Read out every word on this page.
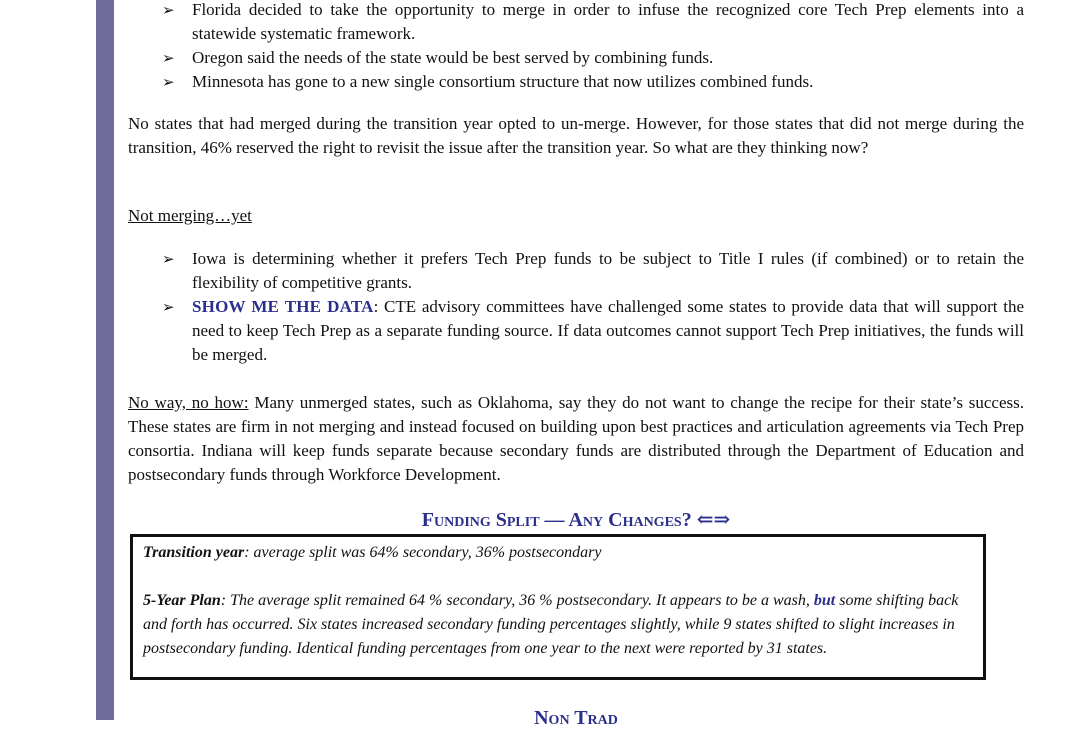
➢ Florida decided to take the opportunity to merge in order to infuse the recognized core Tech Prep elements into a statewide systematic framework.
➢ Oregon said the needs of the state would be best served by combining funds.
➢ Minnesota has gone to a new single consortium structure that now utilizes combined funds.

No states that had merged during the transition year opted to un-merge. However, for those states that did not merge during the transition, 46% reserved the right to revisit the issue after the transition year. So what are they thinking now?

Not merging…yet

➢ Iowa is determining whether it prefers Tech Prep funds to be subject to Title I rules (if combined) or to retain the flexibility of competitive grants.
➢ SHOW ME THE DATA: CTE advisory committees have challenged some states to provide data that will support the need to keep Tech Prep as a separate funding source. If data outcomes cannot support Tech Prep initiatives, the funds will be merged.

No way, no how: Many unmerged states, such as Oklahoma, say they do not want to change the recipe for their state’s success. These states are firm in not merging and instead focused on building upon best practices and articulation agreements via Tech Prep consortia. Indiana will keep funds separate because secondary funds are distributed through the Department of Education and postsecondary funds through Workforce Development.

Funding Split — Any Changes? ⇐⇒
Non Trad

Transition year: average split was 64% secondary, 36% postsecondary

5-Year Plan: The average split remained 64 % secondary, 36 % postsecondary. It appears to be a wash, but some shifting back and forth has occurred. Six states increased secondary funding percentages slightly, while 9 states shifted to slight increases in postsecondary funding. Identical funding percentages from one year to the next were reported by 31 states.
